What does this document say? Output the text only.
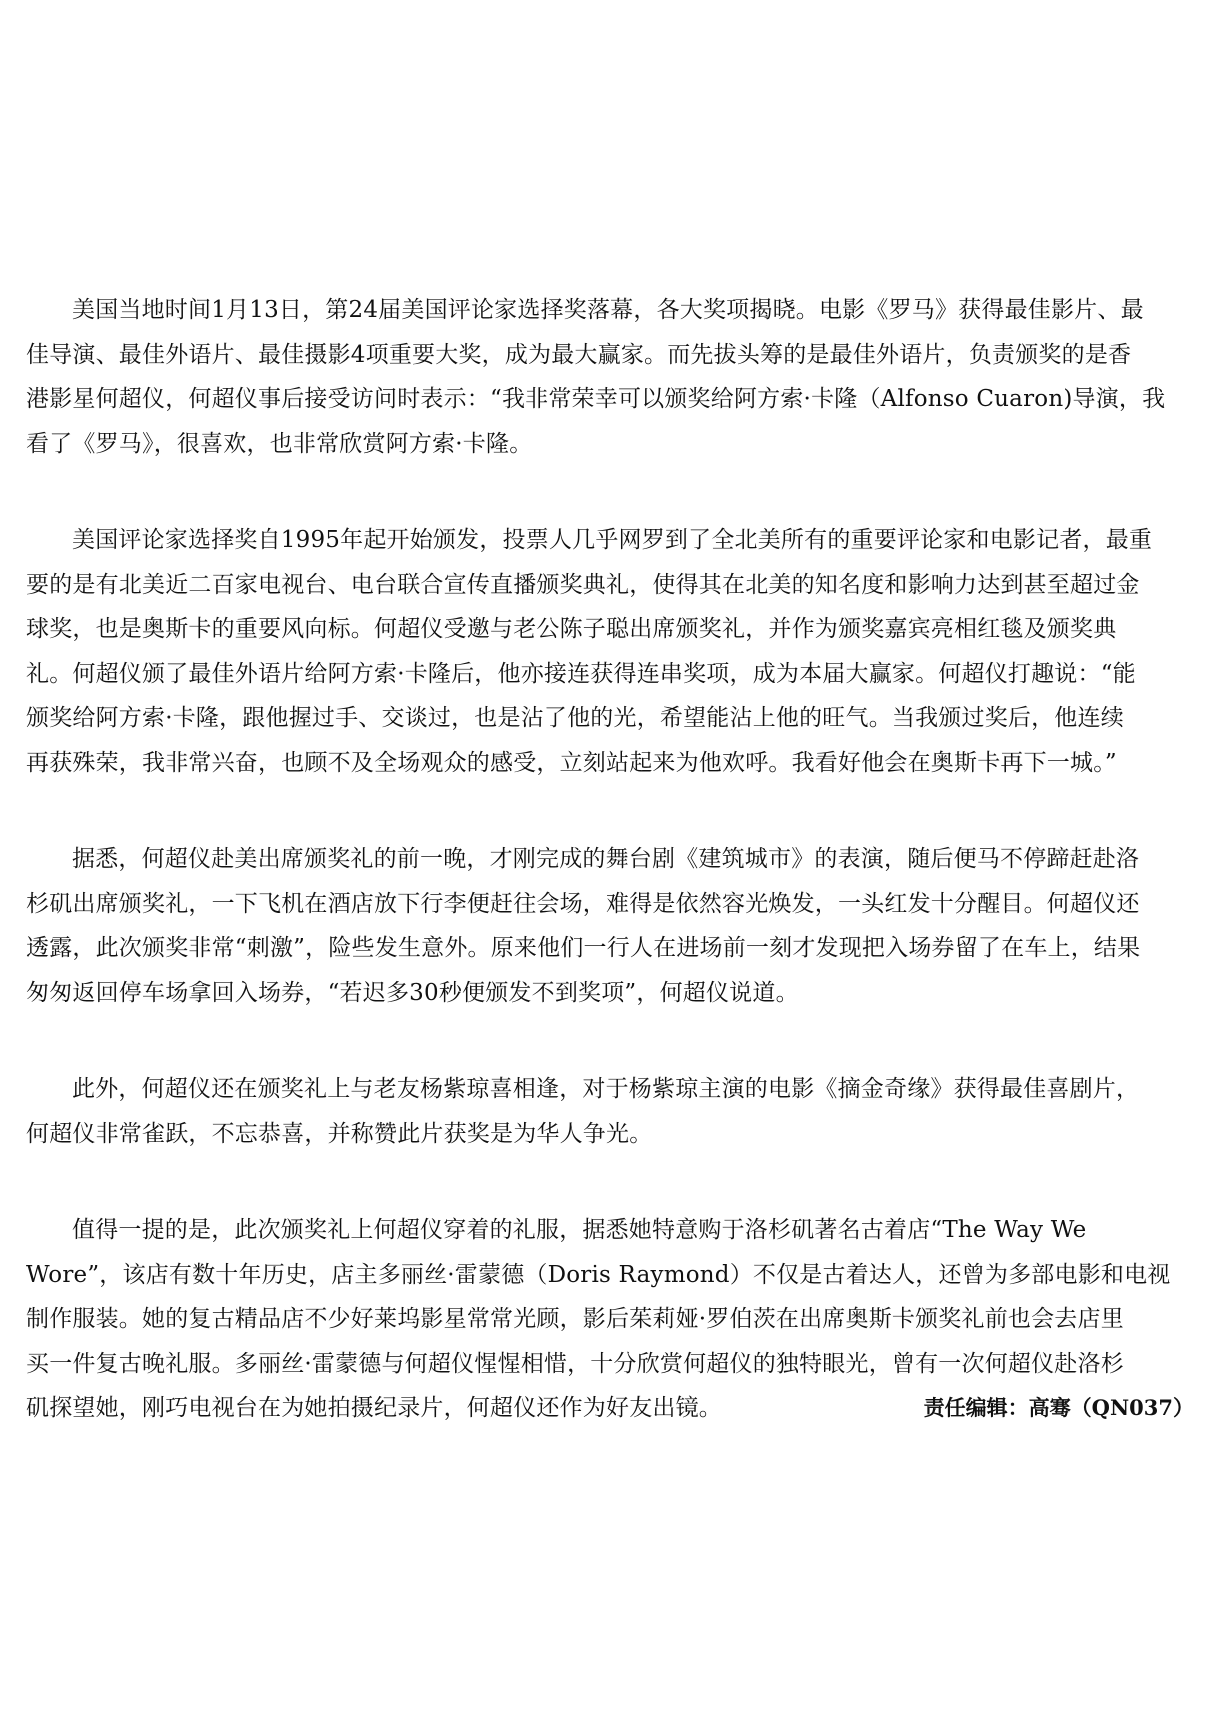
美国当地时间1月13日，第24届美国评论家选择奖落幕，各大奖项揭晓。电影《罗马》获得最佳影片、最
佳导演、最佳外语片、最佳摄影4项重要大奖，成为最大赢家。而先拔头筹的是最佳外语片，负责颁奖的是香
港影星何超仪，何超仪事后接受访问时表示：“我非常荣幸可以颁奖给阿方索·卡隆（Alfonso Cuaron)导演，我
看了《罗马》，很喜欢，也非常欣赏阿方索·卡隆。
美国评论家选择奖自1995年起开始颁发，投票人几乎网罗到了全北美所有的重要评论家和电影记者，最重
要的是有北美近二百家电视台、电台联合宣传直播颁奖典礼，使得其在北美的知名度和影响力达到甚至超过金
球奖，也是奥斯卡的重要风向标。何超仪受邀与老公陈子聪出席颁奖礼，并作为颁奖嘉宾亮相红毯及颁奖典
礼。何超仪颁了最佳外语片给阿方索·卡隆后，他亦接连获得连串奖项，成为本届大赢家。何超仪打趣说：“能
颁奖给阿方索·卡隆，跟他握过手、交谈过，也是沾了他的光，希望能沾上他的旺气。当我颁过奖后，他连续
再获殊荣，我非常兴奋，也顾不及全场观众的感受，立刻站起来为他欢呼。我看好他会在奥斯卡再下一城。”
据悉，何超仪赴美出席颁奖礼的前一晚，才刚完成的舞台剧《建筑城市》的表演，随后便马不停蹄赶赴洛
杉矶出席颁奖礼，一下飞机在酒店放下行李便赶往会场，难得是依然容光焕发，一头红发十分醒目。何超仪还
透露，此次颁奖非常“刺激”，险些发生意外。原来他们一行人在进场前一刻才发现把入场券留了在车上，结果
匆匆返回停车场拿回入场券，“若迟多30秒便颁发不到奖项”，何超仪说道。
此外，何超仪还在颁奖礼上与老友杨紫琼喜相逢，对于杨紫琼主演的电影《摘金奇缘》获得最佳喜剧片，
何超仪非常雀跃，不忘恭喜，并称赞此片获奖是为华人争光。
值得一提的是，此次颁奖礼上何超仪穿着的礼服，据悉她特意购于洛杉矶著名古着店“The Way We
Wore”，该店有数十年历史，店主多丽丝·雷蒙德（Doris Raymond）不仅是古着达人，还曾为多部电影和电视
制作服装。她的复古精品店不少好莱坞影星常常光顾，影后茱莉娅·罗伯茨在出席奥斯卡颁奖礼前也会去店里
买一件复古晚礼服。多丽丝·雷蒙德与何超仪惺惺相惜，十分欣赏何超仪的独特眼光，曾有一次何超仪赴洛杉
矶探望她，刚巧电视台在为她拍摄纪录片，何超仪还作为好友出镜。	责任编辑：高骞（QN037）
